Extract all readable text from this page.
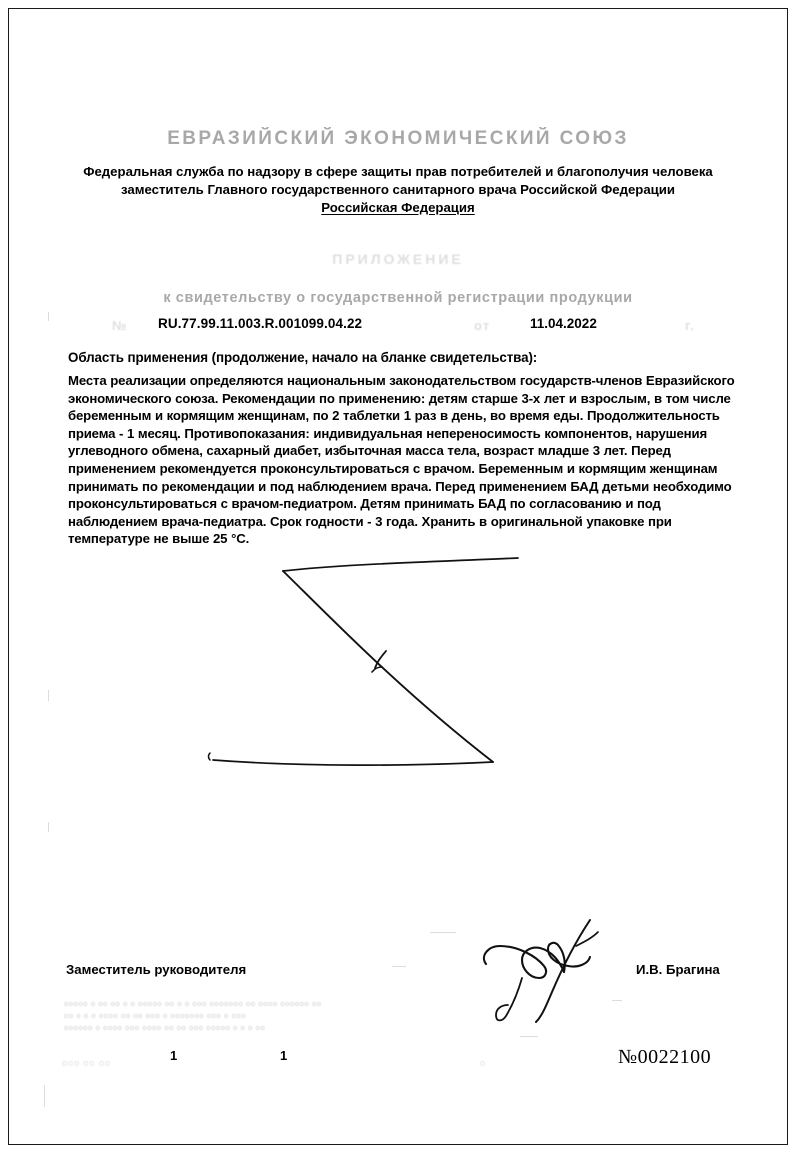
ЕВРАЗИЙСКИЙ ЭКОНОМИЧЕСКИЙ СОЮЗ
Федеральная служба по надзору в сфере защиты прав потребителей и благополучия человека
заместитель Главного государственного санитарного врача Российской Федерации
Российская Федерация
ПРИЛОЖЕНИЕ
к свидетельству о государственной регистрации продукции
№ RU.77.99.11.003.R.001099.04.22	от	11.04.2022	г.
Область применения (продолжение, начало на бланке свидетельства):
Места реализации определяются национальным законодательством государств-членов Евразийского экономического союза. Рекомендации по применению: детям старше 3-х лет и взрослым, в том числе беременным и кормящим женщинам, по 2 таблетки 1 раз в день, во время еды. Продолжительность приема - 1 месяц. Противопоказания: индивидуальная непереносимость компонентов, нарушения углеводного обмена, сахарный диабет, избыточная масса тела, возраст младше 3 лет. Перед применением рекомендуется проконсультироваться с врачом. Беременным и кормящим женщинам принимать по рекомендации и под наблюдением врача. Перед применением БАД детьми необходимо проконсультироваться с врачом-педиатром. Детям принимать БАД по согласованию и под наблюдением врача-педиатра. Срок годности - 3 года. Хранить в оригинальной упаковке при температуре не выше 25 °С.
Заместитель руководителя	И.В. Брагина
ооооо о оо оо о о ооооо оо о о ооо ооооооо оо оооо оооооо оо
оо о о о оооо оо оо ооо о ооооооо ооо о ооо
оооооо о оооо ооо оооо оо оо ооо ооооо о о о оо
ооо оо оо	1	1	о	№0022100
